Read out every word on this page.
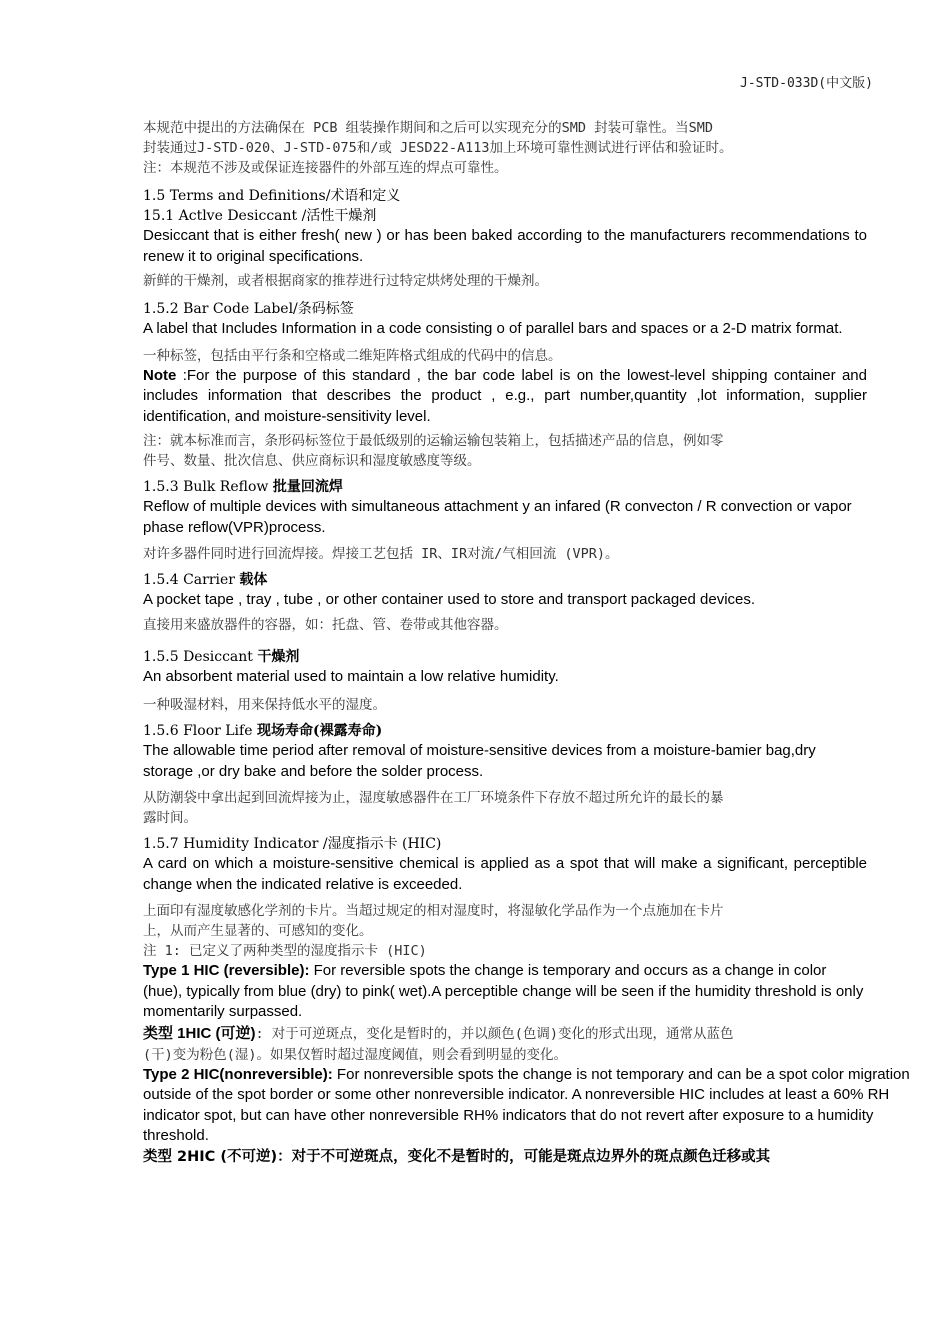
J-STD-033D(中文版)

本规范中提出的方法确保在 PCB 组装操作期间和之后可以实现充分的SMD 封装可靠性。当SMD

封装通过J-STD-020、J-STD-075和/或 JESD22-A113加上环境可靠性测试进行评估和验证时。

注：本规范不涉及或保证连接器件的外部互连的焊点可靠性。

1.5 Terms and Definitions/术语和定义

15.1 Actlve Desiccant /活性干燥剂

Desiccant that is either fresh( new ) or has been baked according to the manufacturers recommendations to renew it to original specifications.

新鲜的干燥剂，或者根据商家的推荐进行过特定烘烤处理的干燥剂。

1.5.2 Bar Code Label/条码标签

A label that Includes Information in a code consisting o of parallel bars and spaces or a 2-D matrix format.

一种标签，包括由平行条和空格或二维矩阵格式组成的代码中的信息。

Note :For the purpose of this standard , the bar code label is on the lowest-level shipping container and includes information that describes the product , e.g., part number,quantity ,lot information, supplier identification, and moisture-sensitivity level.

注：就本标准而言，条形码标签位于最低级别的运输运输包装箱上，包括描述产品的信息，例如零

件号、数量、批次信息、供应商标识和湿度敏感度等级。

1.5.3 Bulk Reflow 批量回流焊

Reflow of multiple devices with simultaneous attachment y an infared (R convecton / R convection or vapor phase reflow(VPR)process.

对许多器件同时进行回流焊接。焊接工艺包括 IR、IR对流/气相回流 (VPR)。

1.5.4 Carrier 载体

A pocket tape , tray , tube , or other container used to store and transport packaged devices.

直接用来盛放器件的容器，如：托盘、管、卷带或其他容器。

1.5.5 Desiccant 干燥剂

An absorbent material used to maintain a low relative humidity.

一种吸湿材料，用来保持低水平的湿度。

1.5.6 Floor Life 现场寿命(裸露寿命)

The allowable time period after removal of moisture-sensitive devices from a moisture-bamier bag,dry storage ,or dry bake and before the solder process.

从防潮袋中拿出起到回流焊接为止，湿度敏感器件在工厂环境条件下存放不超过所允许的最长的暴

露时间。

1.5.7 Humidity Indicator /湿度指示卡 (HIC)

A card on which a moisture-sensitive chemical is applied as a spot that will make a significant, perceptible change when the indicated relative is exceeded.

上面印有湿度敏感化学剂的卡片。当超过规定的相对湿度时，将湿敏化学品作为一个点施加在卡片

上，从而产生显著的、可感知的变化。

注 1: 已定义了两种类型的湿度指示卡 (HIC)

Type 1 HIC (reversible): For reversible spots the change is temporary and occurs as a change in color (hue), typically from blue (dry) to pink( wet).A perceptible change will be seen if the humidity threshold is only momentarily surpassed.

类型 1HIC (可逆): 对于可逆斑点，变化是暂时的，并以颜色(色调)变化的形式出现，通常从蓝色

(干)变为粉色(湿)。如果仅暂时超过湿度阈值，则会看到明显的变化。

Type 2 HIC(nonreversible): For nonreversible spots the change is not temporary and can be a spot color migration outside of the spot border or some other nonreversible indicator. A nonreversible HIC includes at least a 60% RH indicator spot, but can have other nonreversible RH% indicators that do not revert after exposure to a humidity threshold.

类型 2HIC (不可逆)：对于不可逆斑点，变化不是暂时的，可能是斑点边界外的斑点颜色迁移或其
